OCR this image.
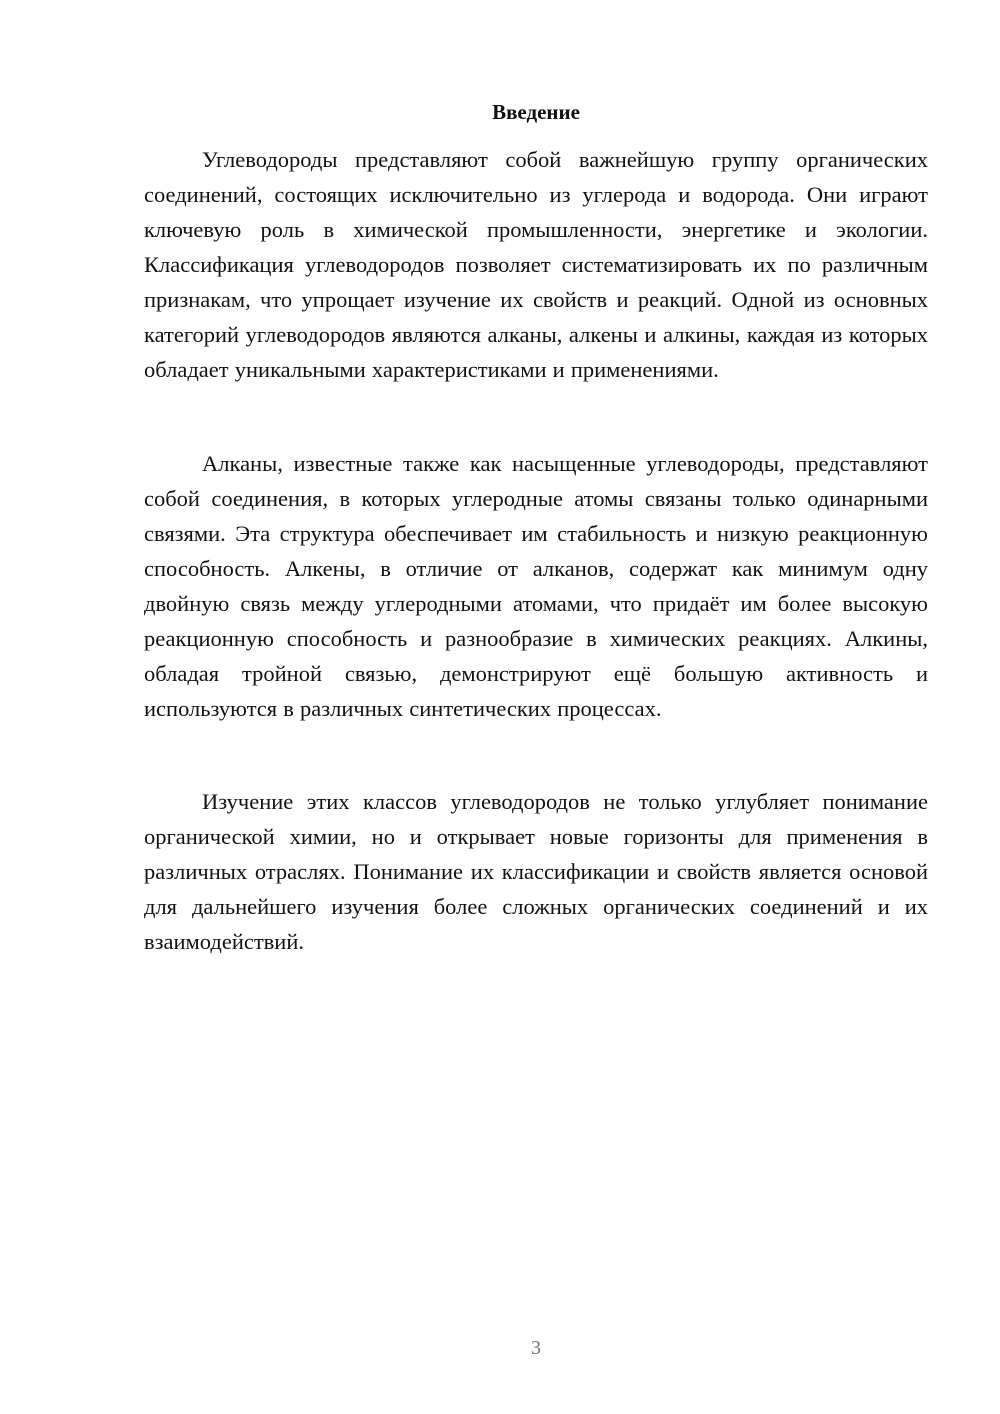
Введение

Углеводороды представляют собой важнейшую группу органических соединений, состоящих исключительно из углерода и водорода. Они играют ключевую роль в химической промышленности, энергетике и экологии. Классификация углеводородов позволяет систематизировать их по различным признакам, что упрощает изучение их свойств и реакций. Одной из основных категорий углеводородов являются алканы, алкены и алкины, каждая из которых обладает уникальными характеристиками и применениями.

Алканы, известные также как насыщенные углеводороды, представляют собой соединения, в которых углеродные атомы связаны только одинарными связями. Эта структура обеспечивает им стабильность и низкую реакционную способность. Алкены, в отличие от алканов, содержат как минимум одну двойную связь между углеродными атомами, что придаёт им более высокую реакционную способность и разнообразие в химических реакциях. Алкины, обладая тройной связью, демонстрируют ещё большую активность и используются в различных синтетических процессах.

Изучение этих классов углеводородов не только углубляет понимание органической химии, но и открывает новые горизонты для применения в различных отраслях. Понимание их классификации и свойств является основой для дальнейшего изучения более сложных органических соединений и их взаимодействий.

3
